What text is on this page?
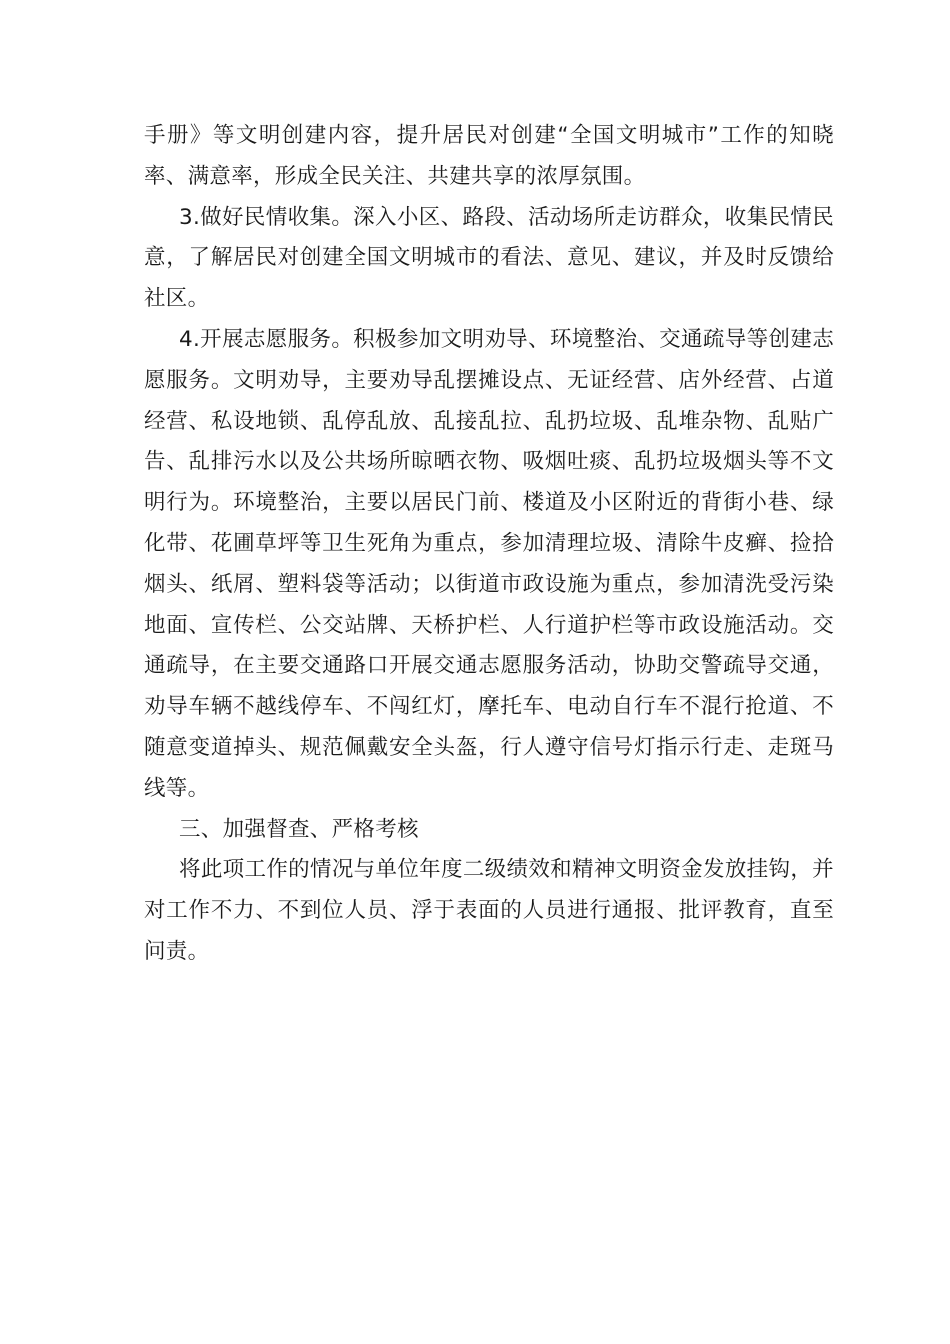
手册》等文明创建内容，提升居民对创建“全国文明城市”工作的知晓率、满意率，形成全民关注、共建共享的浓厚氛围。

3.做好民情收集。深入小区、路段、活动场所走访群众，收集民情民意，了解居民对创建全国文明城市的看法、意见、建议，并及时反馈给社区。

4.开展志愿服务。积极参加文明劝导、环境整治、交通疏导等创建志愿服务。文明劝导，主要劝导乱摆摊设点、无证经营、店外经营、占道经营、私设地锁、乱停乱放、乱接乱拉、乱扔垃圾、乱堆杂物、乱贴广告、乱排污水以及公共场所晾晒衣物、吸烟吐痰、乱扔垃圾烟头等不文明行为。环境整治，主要以居民门前、楼道及小区附近的背街小巷、绿化带、花圃草坪等卫生死角为重点，参加清理垃圾、清除牛皮癣、捡拾烟头、纸屑、塑料袋等活动；以街道市政设施为重点，参加清洗受污染地面、宣传栏、公交站牌、天桥护栏、人行道护栏等市政设施活动。交通疏导，在主要交通路口开展交通志愿服务活动，协助交警疏导交通，劝导车辆不越线停车、不闯红灯，摩托车、电动自行车不混行抢道、不随意变道掉头、规范佩戴安全头盔，行人遵守信号灯指示行走、走斑马线等。

三、加强督查、严格考核

将此项工作的情况与单位年度二级绩效和精神文明资金发放挂钩，并对工作不力、不到位人员、浮于表面的人员进行通报、批评教育，直至问责。
